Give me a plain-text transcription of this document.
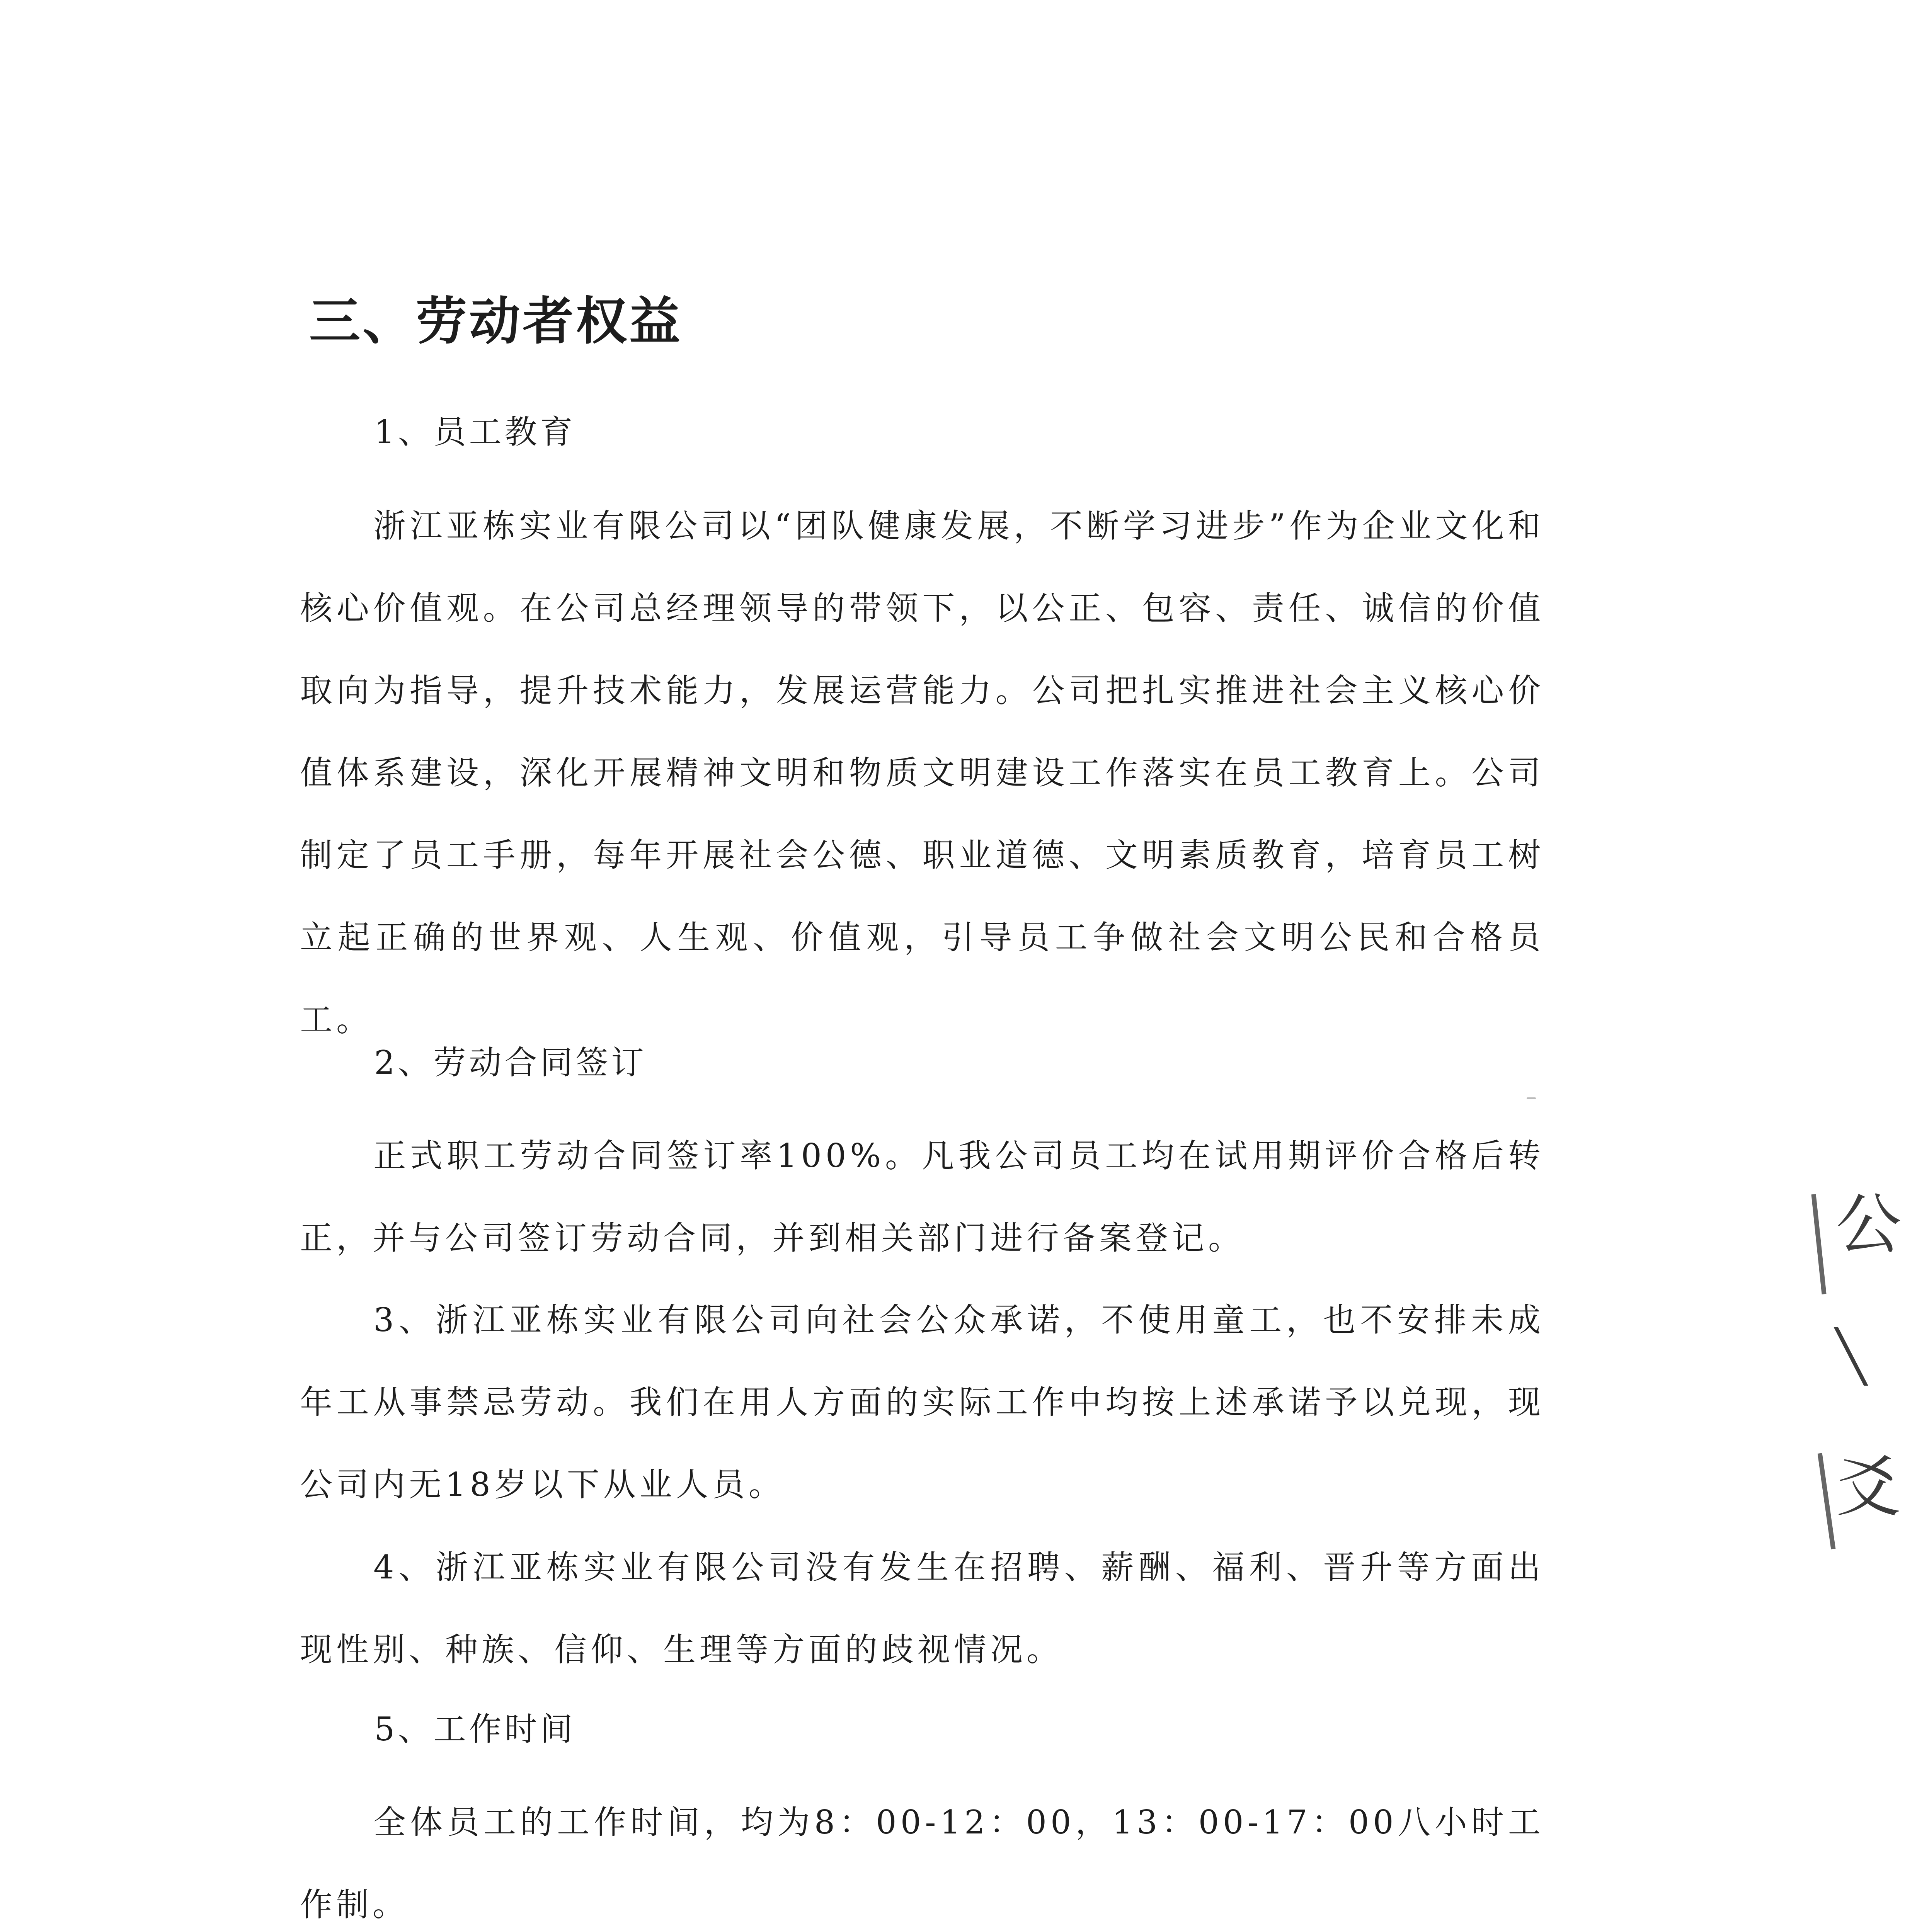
三、劳动者权益
1、员工教育
浙江亚栋实业有限公司以“团队健康发展，不断学习进步”作为企业文化和核心价值观。在公司总经理领导的带领下，以公正、包容、责任、诚信的价值取向为指导，提升技术能力，发展运营能力。公司把扎实推进社会主义核心价值体系建设，深化开展精神文明和物质文明建设工作落实在员工教育上。公司制定了员工手册，每年开展社会公德、职业道德、文明素质教育，培育员工树立起正确的世界观、人生观、价值观，引导员工争做社会文明公民和合格员工。
2、劳动合同签订
正式职工劳动合同签订率100%。凡我公司员工均在试用期评价合格后转正，并与公司签订劳动合同，并到相关部门进行备案登记。
3、浙江亚栋实业有限公司向社会公众承诺，不使用童工，也不安排未成年工从事禁忌劳动。我们在用人方面的实际工作中均按上述承诺予以兑现，现公司内无18岁以下从业人员。
4、浙江亚栋实业有限公司没有发生在招聘、薪酬、福利、晋升等方面出现性别、种族、信仰、生理等方面的歧视情况。
5、工作时间
全体员工的工作时间，均为8：00-12：00，13：00-17：00八小时工作制。
公
╲
爻
